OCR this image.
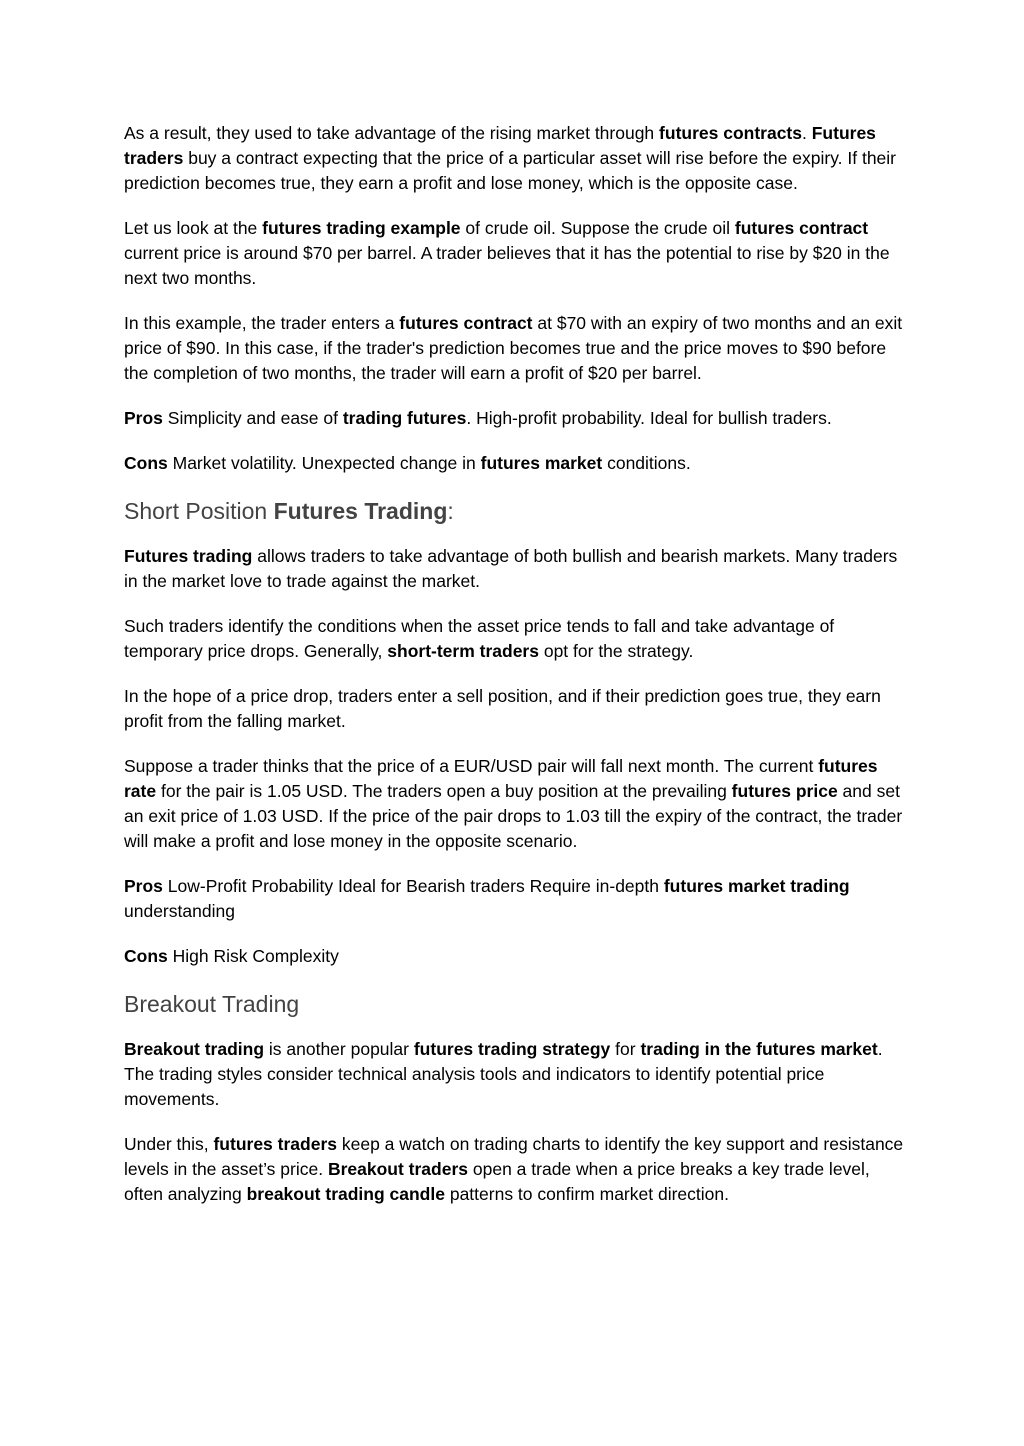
As a result, they used to take advantage of the rising market through futures contracts. Futures traders buy a contract expecting that the price of a particular asset will rise before the expiry. If their prediction becomes true, they earn a profit and lose money, which is the opposite case.

Let us look at the futures trading example of crude oil. Suppose the crude oil futures contract current price is around $70 per barrel. A trader believes that it has the potential to rise by $20 in the next two months.

In this example, the trader enters a futures contract at $70 with an expiry of two months and an exit price of $90. In this case, if the trader's prediction becomes true and the price moves to $90 before the completion of two months, the trader will earn a profit of $20 per barrel.

Pros Simplicity and ease of trading futures. High-profit probability. Ideal for bullish traders.

Cons Market volatility. Unexpected change in futures market conditions.

Short Position Futures Trading:

Futures trading allows traders to take advantage of both bullish and bearish markets. Many traders in the market love to trade against the market.

Such traders identify the conditions when the asset price tends to fall and take advantage of temporary price drops. Generally, short-term traders opt for the strategy.

In the hope of a price drop, traders enter a sell position, and if their prediction goes true, they earn profit from the falling market.

Suppose a trader thinks that the price of a EUR/USD pair will fall next month. The current futures rate for the pair is 1.05 USD. The traders open a buy position at the prevailing futures price and set an exit price of 1.03 USD. If the price of the pair drops to 1.03 till the expiry of the contract, the trader will make a profit and lose money in the opposite scenario.

Pros Low-Profit Probability Ideal for Bearish traders Require in-depth futures market trading understanding

Cons High Risk Complexity

Breakout Trading

Breakout trading is another popular futures trading strategy for trading in the futures market. The trading styles consider technical analysis tools and indicators to identify potential price movements.

Under this, futures traders keep a watch on trading charts to identify the key support and resistance levels in the asset’s price. Breakout traders open a trade when a price breaks a key trade level, often analyzing breakout trading candle patterns to confirm market direction.
